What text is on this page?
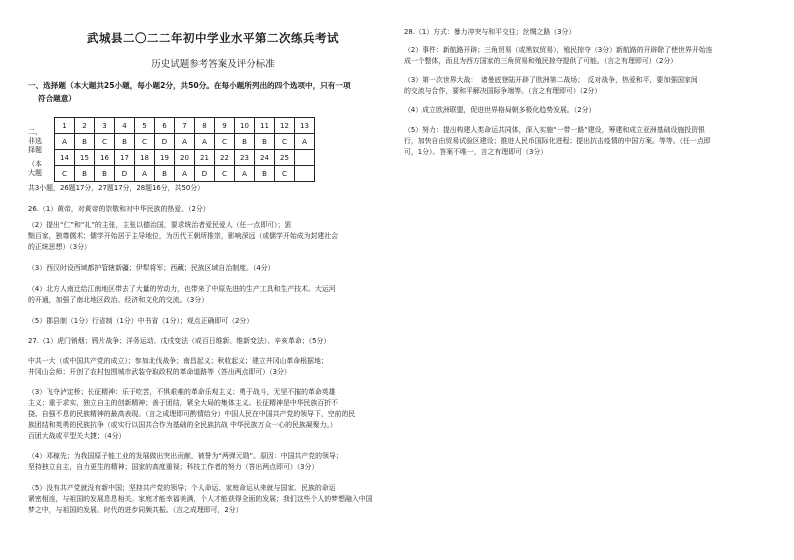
武城县二〇二二年初中学业水平第二次练兵考试
历史试题参考答案及评分标准
一、选择题（本大题共25小题，每小题2分，共50分。在每小题所列出的四个选项中，只有一项
符合题意）
二、非选择题
1	2	3	4	5	6	7	8	9	10	11	12	13
A	B	C	B	C	D	A	A	C	B	B	C	A
14	15	16	17	18	19	20	21	22	23	24	25	
C	B	B	D	A	B	A	D	C	A	B	C	
（本大题
共3小题，26题17分，27题17分，28题16分，共50分）
26.（1）黄帝，对黄帝的崇敬和对中华民族的热爱。（2分）
（2）提出“仁”和“礼”的主张，主张以德治国，要求统治者爱民爱人（任一点即可）；罢
黜百家，独尊儒术；儒学开始居于主导地位，为历代王朝所推崇，影响深远（或儒学开始成为封建社会
的正统思想）（3分）
（3）西汉时设西域都护管辖新疆；伊犁将军；西藏；民族区域自治制度。（4分）
（4）北方人南迁给江南地区带去了大量的劳动力，也带来了中原先进的生产工具和生产技术。大运河
的开通，加强了南北地区政治、经济和文化的交流。（3分）
（5）郡县制（1分）行省制（1分）中书省（1分）；观点正确即可（2分）
27.（1）虎门销烟；鸦片战争；洋务运动、戊戌变法（或百日维新、维新变法）、辛亥革命；（5分）
中共一大（或中国共产党的成立）；参加北伐战争；南昌起义；秋收起义；建立井冈山革命根据地；
井冈山会师；开创了农村包围城市武装夺取政权的革命道路等（答出两点即可）（3分）
（3）飞夺泸定桥；长征精神：乐于吃苦，不惧艰难的革命乐观主义；勇于战斗，无坚不摧的革命英雄
主义；重于求实，独立自主的创新精神；善于团结，紧全大局的集体主义。长征精神是中华民族百折不
挠、自强不息的民族精神的最高表现。（言之成理即可酌情给分）中国人民在中国共产党的领导下，空前的民
族团结和英勇的民族抗争（或实行以国共合作为基础的全民族抗战 中华民族万众一心的民族凝聚力。）
百团大战或平型关大捷；（4分）
（4）邓稼先；为我国原子能工业的发展做出突出贡献，被誉为“两弹元勋”。原因：中国共产党的领导；
坚持独立自主，自力更生的精神；国家的高度重视；科技工作者的努力（答出两点即可）（3分）
（5）没有共产党就没有新中国；坚持共产党的领导；个人命运、家庭命运从来就与国家、民族的命运
紧密相连，与祖国的发展息息相关。家庭才能幸福美满，个人才能获得全面的发展；我们这些个人的梦想融入中国
梦之中，与祖国的发展、时代的进步同频共振。（言之成理即可，2分）
28.（1）方式：暴力冲突与和平交往；丝绸之路（3分）
（2）事件：新航路开辟；三角贸易（或黑奴贸易），殖民掠夺（3分）新航路的开辟除了使世界开始连
成一个整体，而且为西方国家的三角贸易和殖民掠夺提供了可能。（言之有理即可）（2分）
（3）第一次世界大战：　诸曼底登陆开辟了欧洲第二战场；　反对战争，热爱和平，要加强国家间
的交流与合作，要和平解决国际争端等。（言之有理即可）（2分）
（4）成立欧洲联盟，促进世界格局朝多极化趋势发展。（2分）
（5）努力：提出构建人类命运共同体，深入实施“一带一路”建设，筹建和成立亚洲基础设施投资银
行，加快自由贸易试验区建设；推进人民币国际化进程；提出抗击疫情的中国方案。等等。（任一点即
可，1分）。答案不唯一，言之有理即可（3分）
